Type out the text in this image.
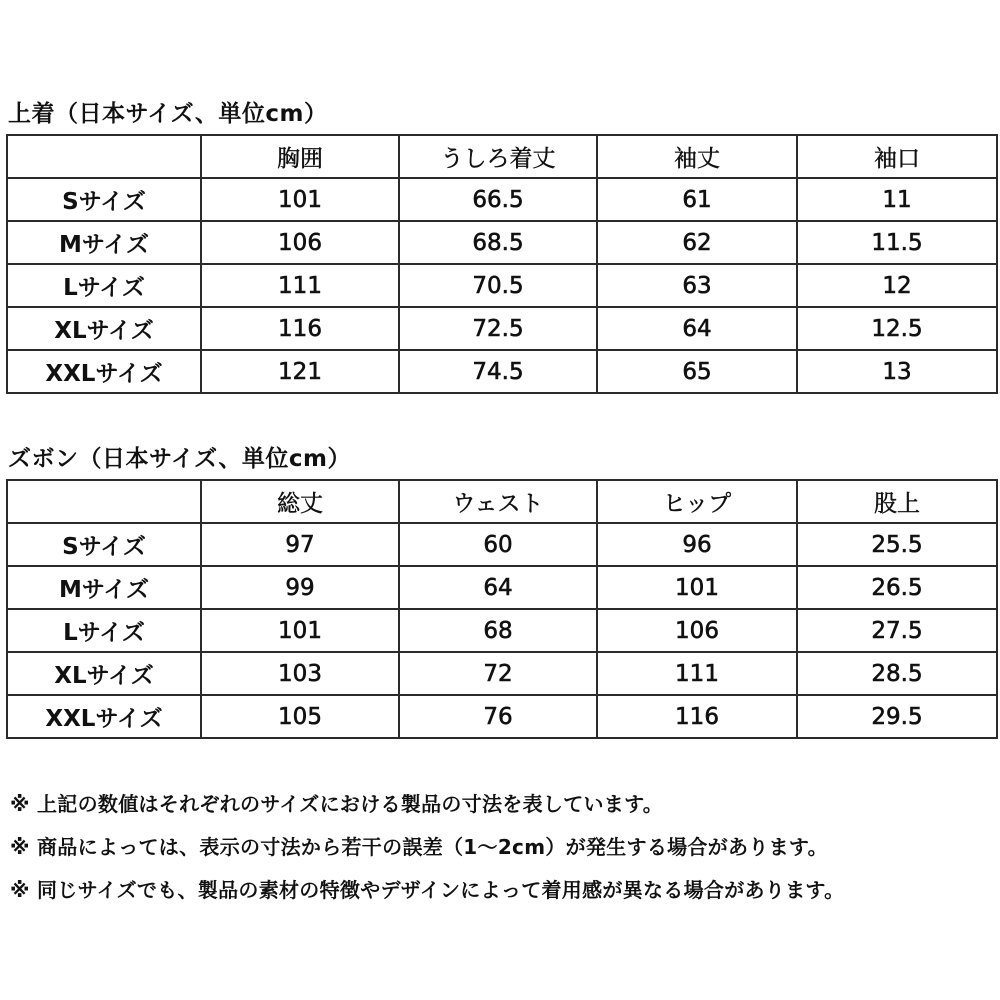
上着（日本サイズ、単位cm）
	胸囲	うしろ着丈	袖丈	袖口
Sサイズ	101	66.5	61	11
Mサイズ	106	68.5	62	11.5
Lサイズ	111	70.5	63	12
XLサイズ	116	72.5	64	12.5
XXLサイズ	121	74.5	65	13
ズボン（日本サイズ、単位cm）
	総丈	ウェスト	ヒップ	股上
Sサイズ	97	60	96	25.5
Mサイズ	99	64	101	26.5
Lサイズ	101	68	106	27.5
XLサイズ	103	72	111	28.5
XXLサイズ	105	76	116	29.5
※ 上記の数値はそれぞれのサイズにおける製品の寸法を表しています。
※ 商品によっては、表示の寸法から若干の誤差（1～2cm）が発生する場合があります。
※ 同じサイズでも、製品の素材の特徴やデザインによって着用感が異なる場合があります。
